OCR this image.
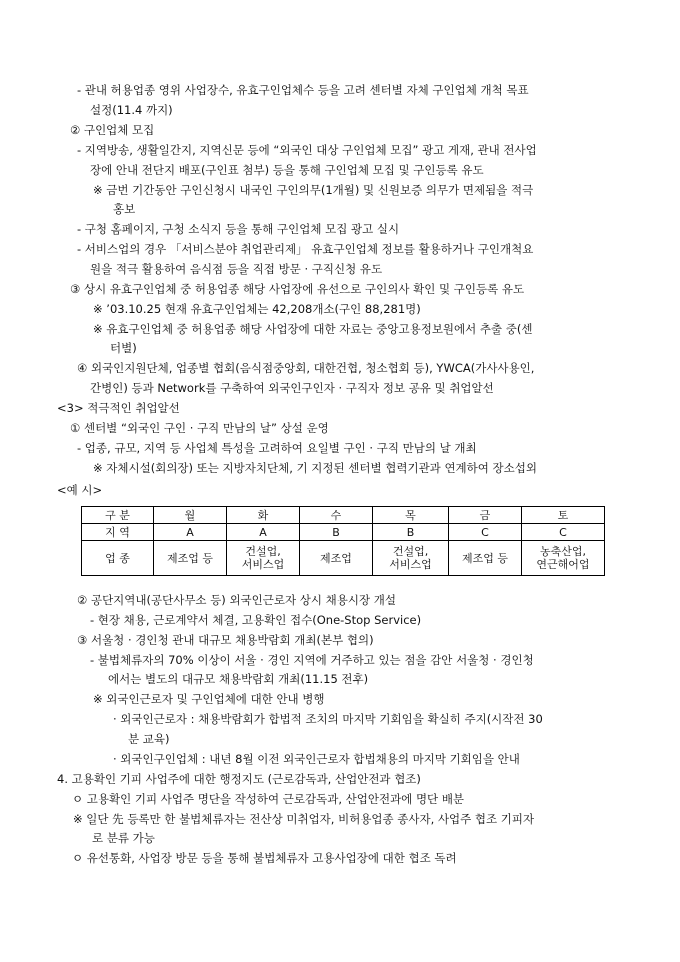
- 관내 허용업종 영위 사업장수, 유효구인업체수 등을 고려 센터별 자체 구인업체 개척 목표
설정(11.4 까지)
② 구인업체 모집
- 지역방송, 생활일간지, 지역신문 등에 “외국인 대상 구인업체 모집” 광고 게재, 관내 전사업
장에 안내 전단지 배포(구인표 첨부) 등을 통해 구인업체 모집 및 구인등록 유도
※ 금번 기간동안 구인신청시 내국인 구인의무(1개월) 및 신원보증 의무가 면제됨을 적극
홍보
- 구청 홈페이지, 구청 소식지 등을 통해 구인업체 모집 광고 실시
- 서비스업의 경우 「서비스분야 취업관리제」 유효구인업체 정보를 활용하거나 구인개척요
원을 적극 활용하여 음식점 등을 직접 방문 · 구직신청 유도
③ 상시 유효구인업체 중 허용업종 해당 사업장에 유선으로 구인의사 확인 및 구인등록 유도
※ ’03.10.25 현재 유효구인업체는 42,208개소(구인 88,281명)
※ 유효구인업체 중 허용업종 해당 사업장에 대한 자료는 중앙고용정보원에서 추출 중(센
터별)
④ 외국인지원단체, 업종별 협회(음식점중앙회, 대한건협, 청소협회 등), YWCA(가사사용인,
간병인) 등과 Network를 구축하여 외국인구인자 · 구직자 정보 공유 및 취업알선
<3> 적극적인 취업알선
① 센터별 “외국인 구인 · 구직 만남의 날” 상설 운영
- 업종, 규모, 지역 등 사업체 특성을 고려하여 요일별 구인 · 구직 만남의 날 개최
※ 자체시설(회의장) 또는 지방자치단체, 기 지정된 센터별 협력기관과 연계하여 장소섭외
<예 시>
구 분	월	화	수	목	금	토
지 역	A	A	B	B	C	C
업 종	제조업 등	건설업,
서비스업	제조업	건설업,
서비스업	제조업 등	농축산업,
연근해어업
② 공단지역내(공단사무소 등) 외국인근로자 상시 채용시장 개설
- 현장 채용, 근로계약서 체결, 고용확인 접수(One-Stop Service)
③ 서울청 · 경인청 관내 대규모 채용박람회 개최(본부 협의)
- 불법체류자의 70% 이상이 서울 · 경인 지역에 거주하고 있는 점을 감안 서울청 · 경인청
에서는 별도의 대규모 채용박람회 개최(11.15 전후)
※ 외국인근로자 및 구인업체에 대한 안내 병행
· 외국인근로자 : 채용박람회가 합법적 조치의 마지막 기회임을 확실히 주지(시작전 30
분 교육)
· 외국인구인업체 : 내년 8월 이전 외국인근로자 합법채용의 마지막 기회임을 안내
4. 고용확인 기피 사업주에 대한 행정지도 (근로감독과, 산업안전과 협조)
ㅇ 고용확인 기피 사업주 명단을 작성하여 근로감독과, 산업안전과에 명단 배분
※ 일단 先 등록만 한 불법체류자는 전산상 미취업자, 비허용업종 종사자, 사업주 협조 기피자
로 분류 가능
ㅇ 유선통화, 사업장 방문 등을 통해 불법체류자 고용사업장에 대한 협조 독려
